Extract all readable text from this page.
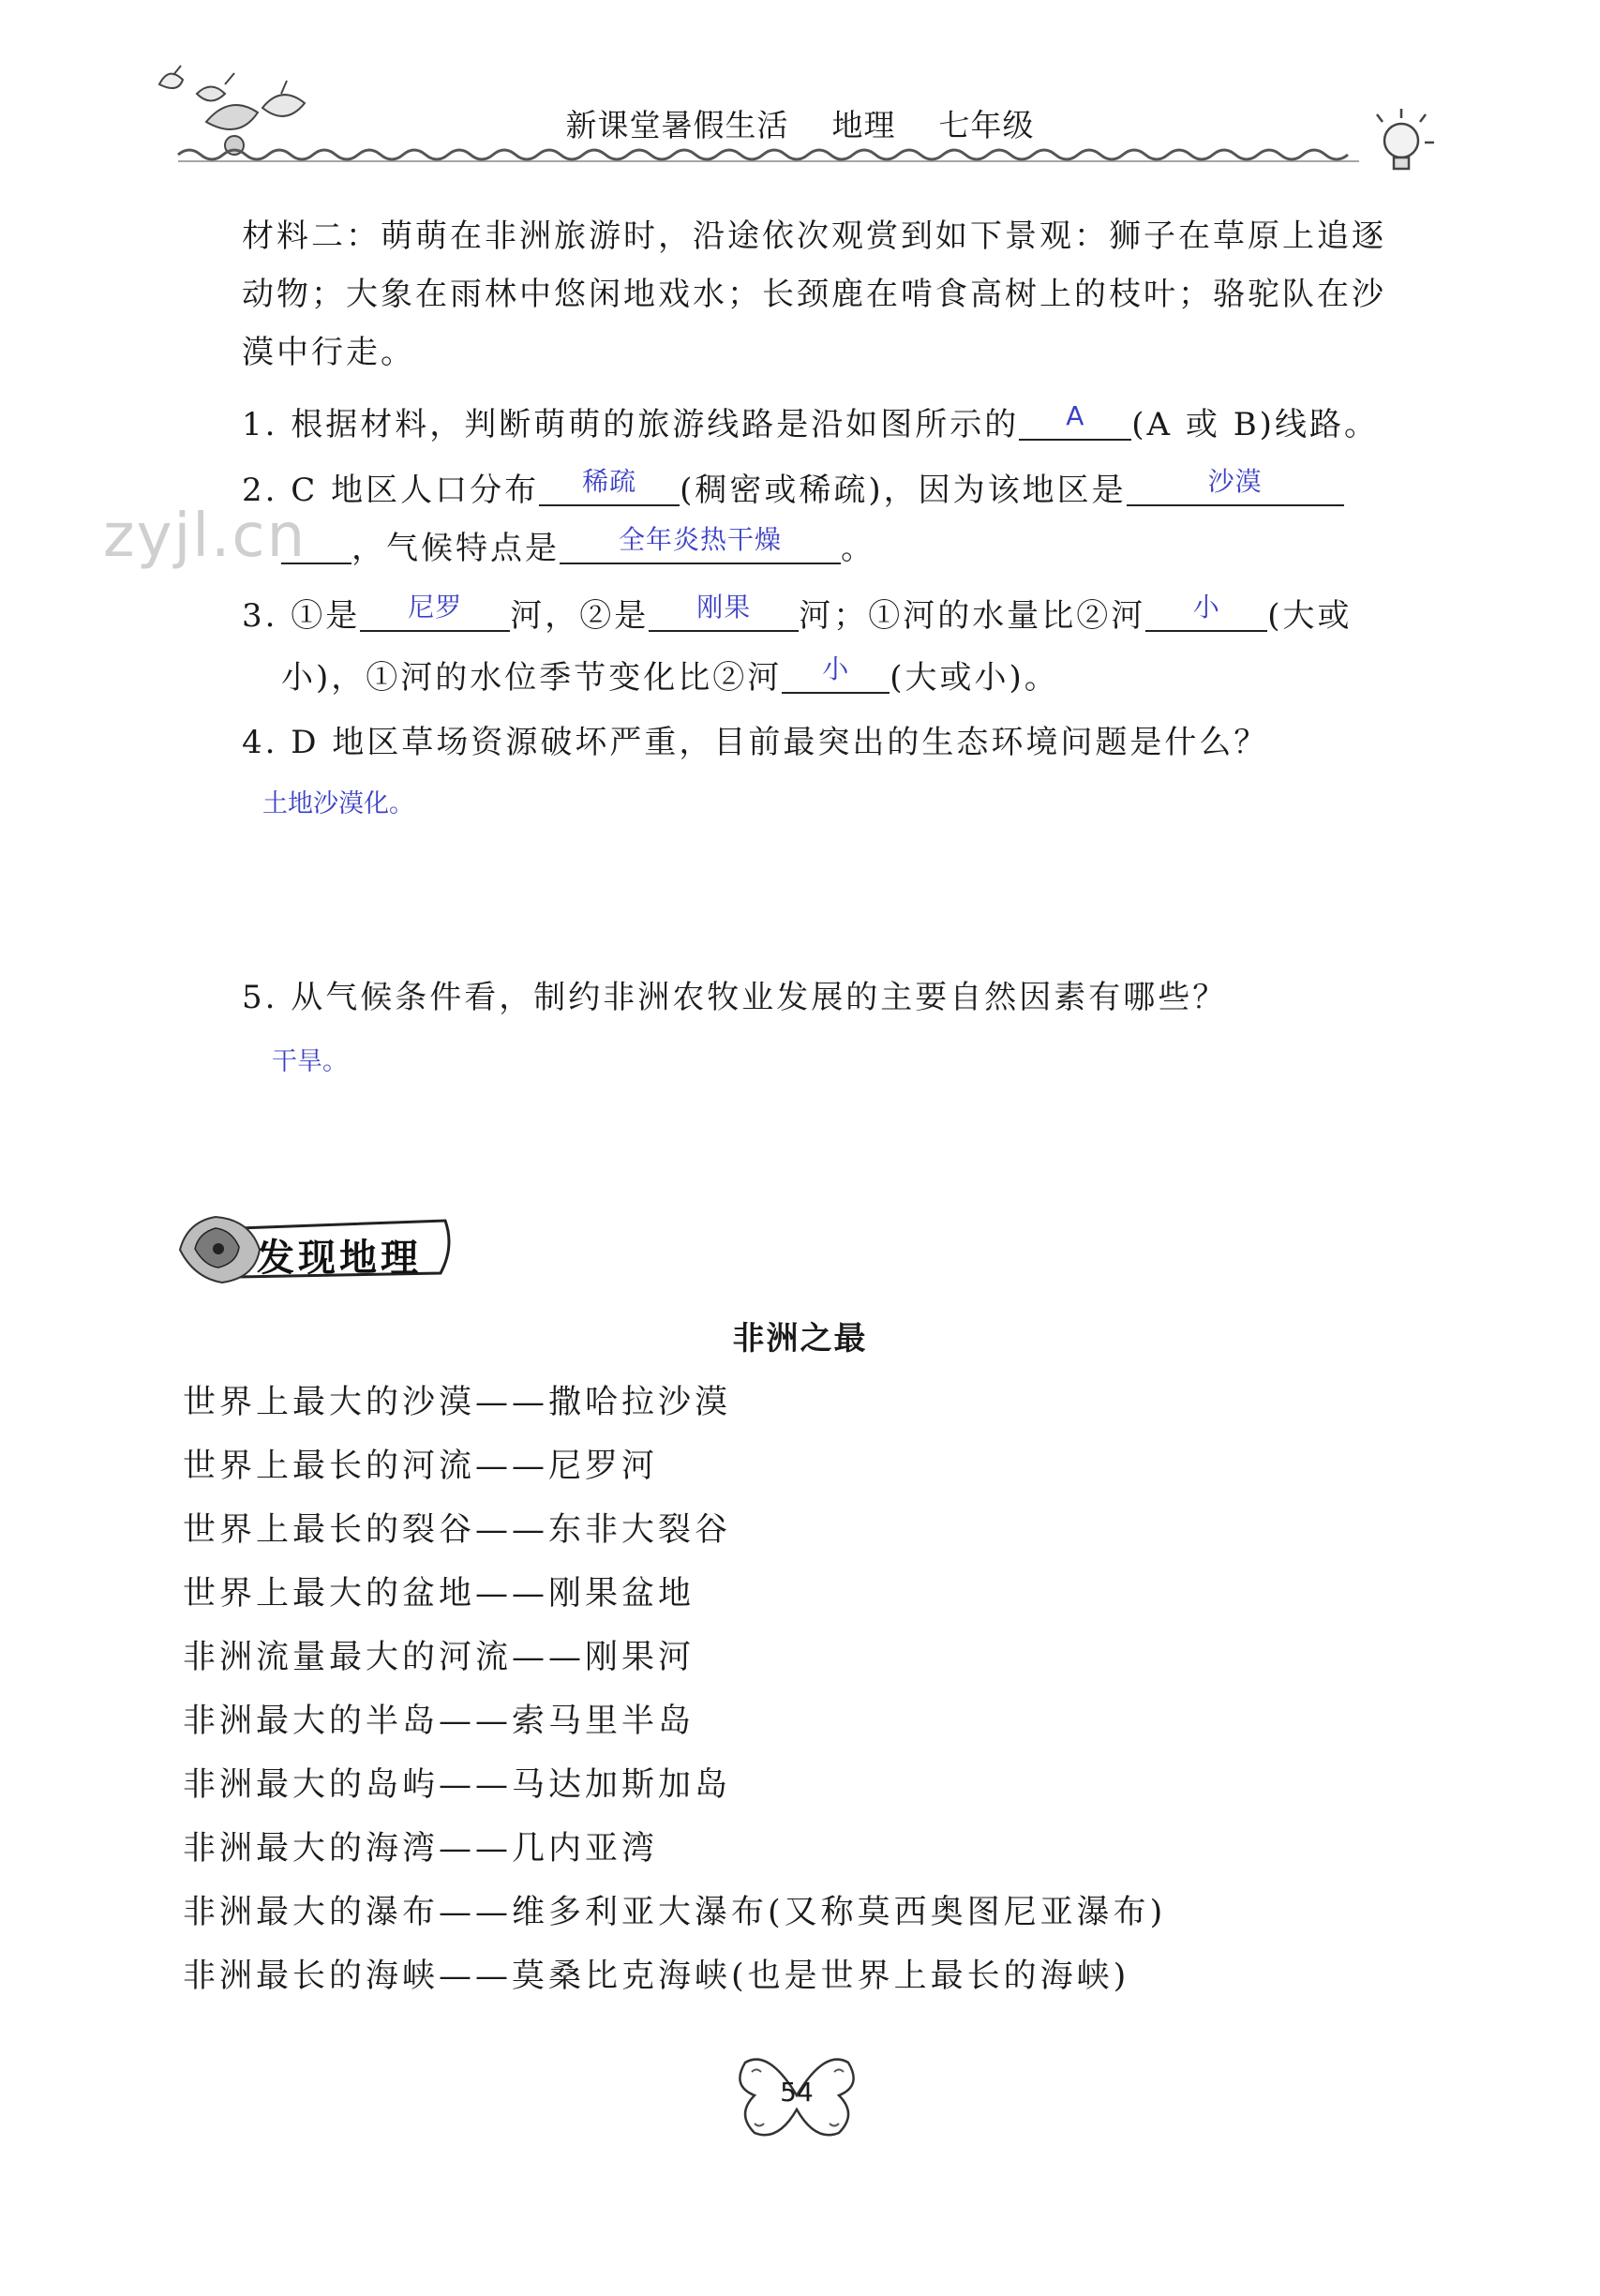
新课堂暑假生活    地理    七年级
zyjl.cn
材料二：萌萌在非洲旅游时，沿途依次观赏到如下景观：狮子在草原上追逐
动物；大象在雨林中悠闲地戏水；长颈鹿在啃食高树上的枝叶；骆驼队在沙
漠中行走。
1. 根据材料，判断萌萌的旅游线路是沿如图所示的	A	(A 或 B)线路。
2. C 地区人口分布	稀疏	(稠密或稀疏)，因为该地区是	沙漠
，气候特点是	全年炎热干燥	。
3. ①是	尼罗	河，②是	刚果	河；①河的水量比②河	小	(大或
小)，①河的水位季节变化比②河	小	(大或小)。
4. D 地区草场资源破坏严重，目前最突出的生态环境问题是什么？
土地沙漠化。
5. 从气候条件看，制约非洲农牧业发展的主要自然因素有哪些？
干旱。
发现地理
非洲之最
世界上最大的沙漠——撒哈拉沙漠
世界上最长的河流——尼罗河
世界上最长的裂谷——东非大裂谷
世界上最大的盆地——刚果盆地
非洲流量最大的河流——刚果河
非洲最大的半岛——索马里半岛
非洲最大的岛屿——马达加斯加岛
非洲最大的海湾——几内亚湾
非洲最大的瀑布——维多利亚大瀑布(又称莫西奥图尼亚瀑布)
非洲最长的海峡——莫桑比克海峡(也是世界上最长的海峡)
54
